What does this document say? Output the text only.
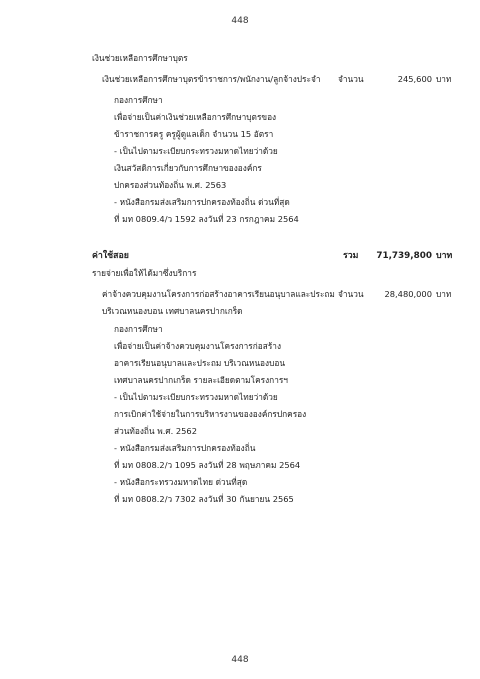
448
เงินช่วยเหลือการศึกษาบุตร
เงินช่วยเหลือการศึกษาบุตรข้าราชการ/พนักงาน/ลูกจ้างประจำ จำนวน	245,600 บาท
กองการศึกษา
เพื่อจ่ายเป็นค่าเงินช่วยเหลือการศึกษาบุตรของ
ข้าราชการครู ครูผู้ดูแลเด็ก จำนวน 15 อัตรา
- เป็นไปตามระเบียบกระทรวงมหาดไทยว่าด้วย
เงินสวัสดิการเกี่ยวกับการศึกษาขององค์กร
ปกครองส่วนท้องถิ่น พ.ศ. 2563
- หนังสือกรมส่งเสริมการปกครองท้องถิ่น ด่วนที่สุด
ที่ มท 0809.4/ว 1592 ลงวันที่ 23 กรกฎาคม 2564
ค่าใช้สอย	รวม	71,739,800 บาท
รายจ่ายเพื่อให้ได้มาซึ่งบริการ
ค่าจ้างควบคุมงานโครงการก่อสร้างอาคารเรียนอนุบาลและประถม จำนวน	28,480,000 บาท
บริเวณหนองบอน เทศบาลนครปากเกร็ด
กองการศึกษา
เพื่อจ่ายเป็นค่าจ้างควบคุมงานโครงการก่อสร้าง
อาคารเรียนอนุบาลและประถม บริเวณหนองบอน
เทศบาลนครปากเกร็ด รายละเอียดตามโครงการฯ
- เป็นไปตามระเบียบกระทรวงมหาดไทยว่าด้วย
การเบิกค่าใช้จ่ายในการบริหารงานขององค์กรปกครอง
ส่วนท้องถิ่น พ.ศ. 2562
- หนังสือกรมส่งเสริมการปกครองท้องถิ่น
ที่ มท 0808.2/ว 1095 ลงวันที่ 28 พฤษภาคม 2564
- หนังสือกระทรวงมหาดไทย ด่วนที่สุด
ที่ มท 0808.2/ว 7302 ลงวันที่ 30 กันยายน 2565
448
